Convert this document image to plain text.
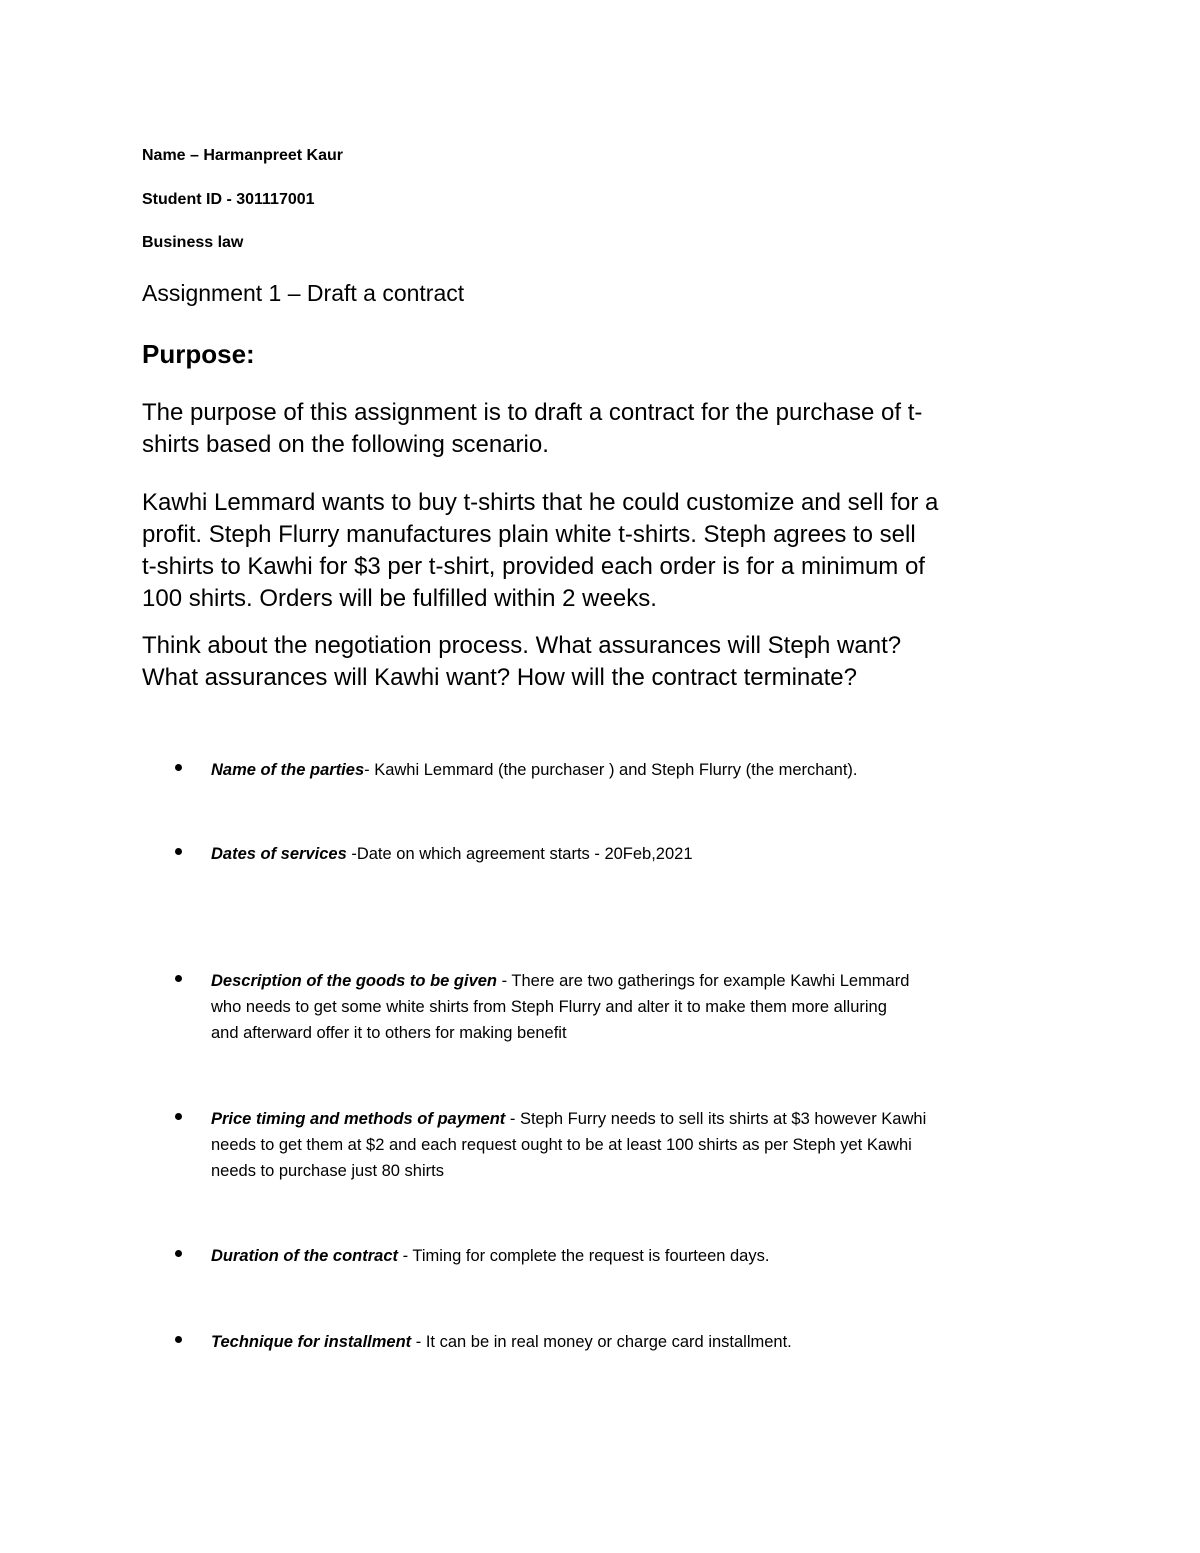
Name – Harmanpreet Kaur
Student ID - 301117001
Business law
Assignment 1 – Draft a contract
Purpose:
The purpose of this assignment is to draft a contract for the purchase of t-
shirts based on the following scenario.
Kawhi Lemmard wants to buy t-shirts that he could customize and sell for a
profit. Steph Flurry manufactures plain white t-shirts. Steph agrees to sell
t-shirts to Kawhi for $3 per t-shirt, provided each order is for a minimum of
100 shirts. Orders will be fulfilled within 2 weeks.
Think about the negotiation process. What assurances will Steph want?
What assurances will Kawhi want? How will the contract terminate?
Name of the parties- Kawhi Lemmard (the purchaser ) and Steph Flurry (the merchant).
Dates of services -Date on which agreement starts - 20Feb,2021
Description of the goods to be given - There are two gatherings for example Kawhi Lemmard
who needs to get some white shirts from Steph Flurry and alter it to make them more alluring
and afterward offer it to others for making benefit
Price timing and methods of payment - Steph Furry needs to sell its shirts at $3 however Kawhi
needs to get them at $2 and each request ought to be at least 100 shirts as per Steph yet Kawhi
needs to purchase just 80 shirts
Duration of the contract - Timing for complete the request is fourteen days.
Technique for installment - It can be in real money or charge card installment.
